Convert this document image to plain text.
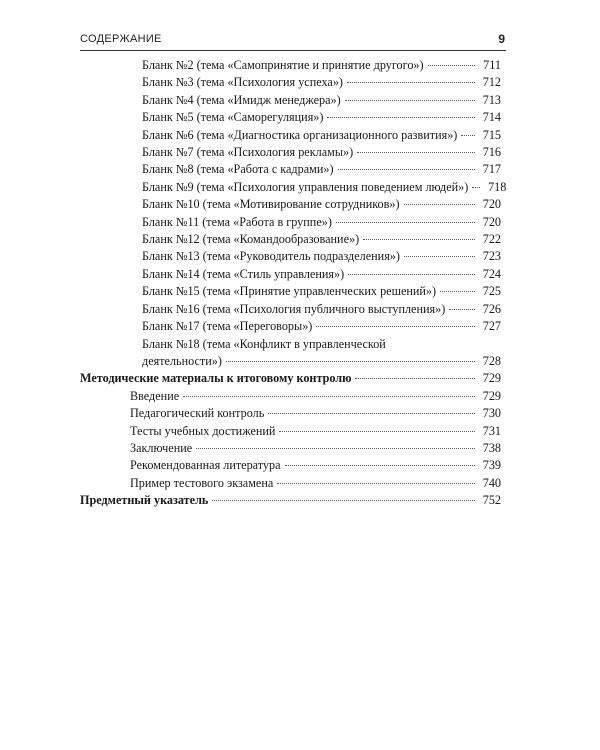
СОДЕРЖАНИЕ	9
Бланк №2 (тема «Самопринятие и принятие другого»)	711
Бланк №3 (тема «Психология успеха»)	712
Бланк №4 (тема «Имидж менеджера»)	713
Бланк №5 (тема «Саморегуляция»)	714
Бланк №6 (тема «Диагностика организационного развития»)	715
Бланк №7 (тема «Психология рекламы»)	716
Бланк №8 (тема «Работа с кадрами»)	717
Бланк №9 (тема «Психология управления поведением людей»)	718
Бланк №10 (тема «Мотивирование сотрудников»)	720
Бланк №11 (тема «Работа в группе»)	720
Бланк №12 (тема «Командообразование»)	722
Бланк №13 (тема «Руководитель подразделения»)	723
Бланк №14 (тема «Стиль управления»)	724
Бланк №15 (тема «Принятие управленческих решений»)	725
Бланк №16 (тема «Психология публичного выступления»)	726
Бланк №17 (тема «Переговоры»)	727
Бланк №18 (тема «Конфликт в управленческой
деятельности»)	728
Методические материалы к итоговому контролю	729
Введение	729
Педагогический контроль	730
Тесты учебных достижений	731
Заключение	738
Рекомендованная литература	739
Пример тестового экзамена	740
Предметный указатель	752
